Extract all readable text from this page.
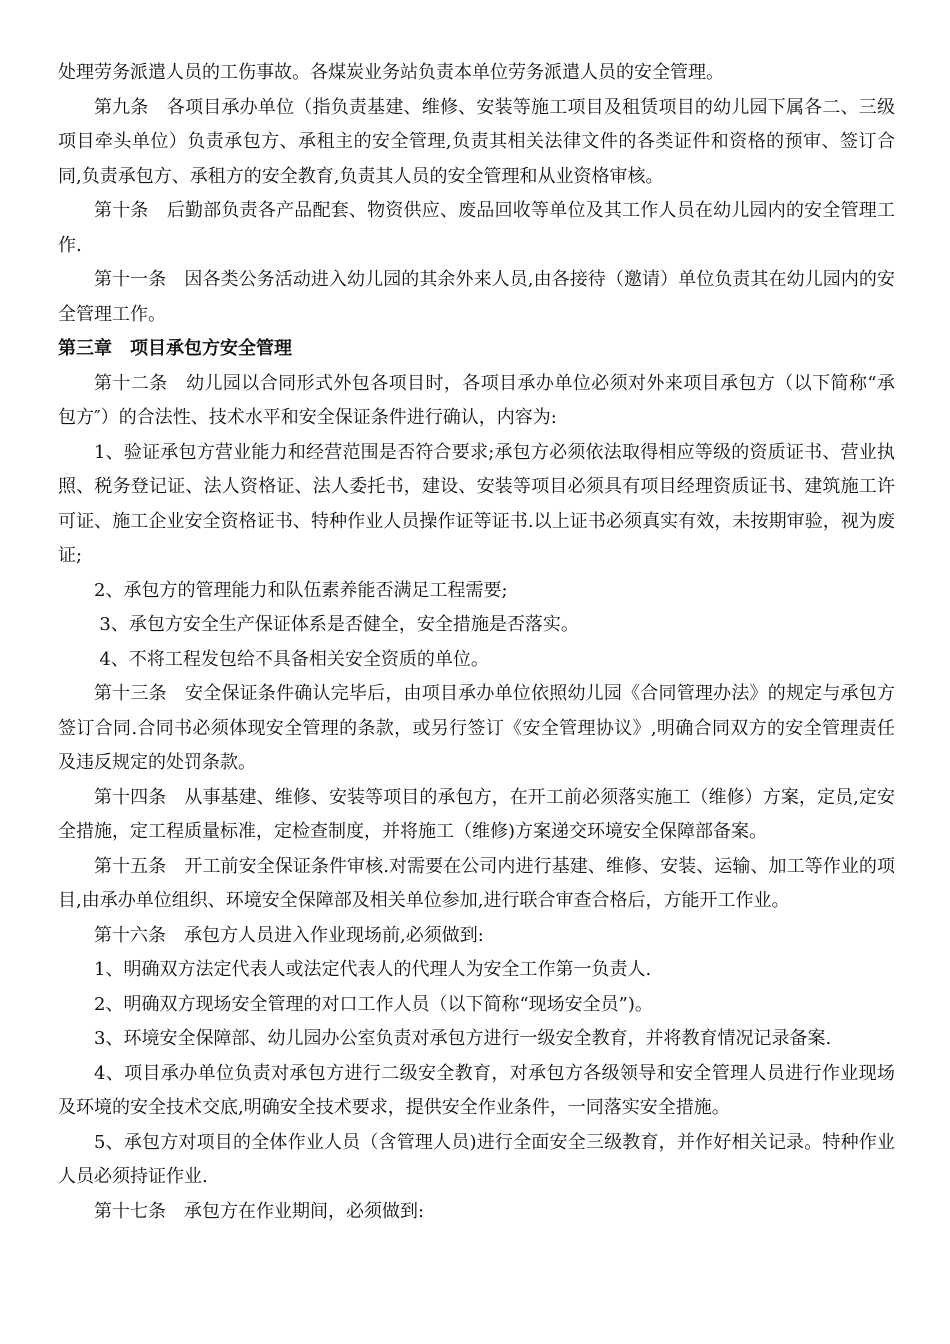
处理劳务派遣人员的工伤事故。各煤炭业务站负责本单位劳务派遣人员的安全管理。

第九条　各项目承办单位（指负责基建、维修、安装等施工项目及租赁项目的幼儿园下属各二、三级项目牵头单位）负责承包方、承租主的安全管理,负责其相关法律文件的各类证件和资格的预审、签订合同,负责承包方、承租方的安全教育,负责其人员的安全管理和从业资格审核。

第十条　后勤部负责各产品配套、物资供应、废品回收等单位及其工作人员在幼儿园内的安全管理工作.

第十一条　因各类公务活动进入幼儿园的其余外来人员,由各接待（邀请）单位负责其在幼儿园内的安全管理工作。

第三章　项目承包方安全管理

第十二条　幼儿园以合同形式外包各项目时，各项目承办单位必须对外来项目承包方（以下简称“承包方″）的合法性、技术水平和安全保证条件进行确认，内容为:

1、验证承包方营业能力和经营范围是否符合要求;承包方必须依法取得相应等级的资质证书、营业执照、税务登记证、法人资格证、法人委托书，建设、安装等项目必须具有项目经理资质证书、建筑施工许可证、施工企业安全资格证书、特种作业人员操作证等证书.以上证书必须真实有效，未按期审验，视为废证;

2、承包方的管理能力和队伍素养能否满足工程需要;

3、承包方安全生产保证体系是否健全，安全措施是否落实。

4、不将工程发包给不具备相关安全资质的单位。

第十三条　安全保证条件确认完毕后，由项目承办单位依照幼儿园《合同管理办法》的规定与承包方签订合同.合同书必须体现安全管理的条款，或另行签订《安全管理协议》,明确合同双方的安全管理责任及违反规定的处罚条款。

第十四条　从事基建、维修、安装等项目的承包方，在开工前必须落实施工（维修）方案，定员,定安全措施，定工程质量标准，定检查制度，并将施工（维修)方案递交环境安全保障部备案。

第十五条　开工前安全保证条件审核.对需要在公司内进行基建、维修、安装、运输、加工等作业的项目,由承办单位组织、环境安全保障部及相关单位参加,进行联合审查合格后，方能开工作业。

第十六条　承包方人员进入作业现场前,必须做到:

1、明确双方法定代表人或法定代表人的代理人为安全工作第一负责人.

2、明确双方现场安全管理的对口工作人员（以下简称“现场安全员”)。

3、环境安全保障部、幼儿园办公室负责对承包方进行一级安全教育，并将教育情况记录备案.

4、项目承办单位负责对承包方进行二级安全教育，对承包方各级领导和安全管理人员进行作业现场及环境的安全技术交底,明确安全技术要求，提供安全作业条件，一同落实安全措施。

5、承包方对项目的全体作业人员（含管理人员)进行全面安全三级教育，并作好相关记录。特种作业人员必须持证作业.

第十七条　承包方在作业期间，必须做到:
